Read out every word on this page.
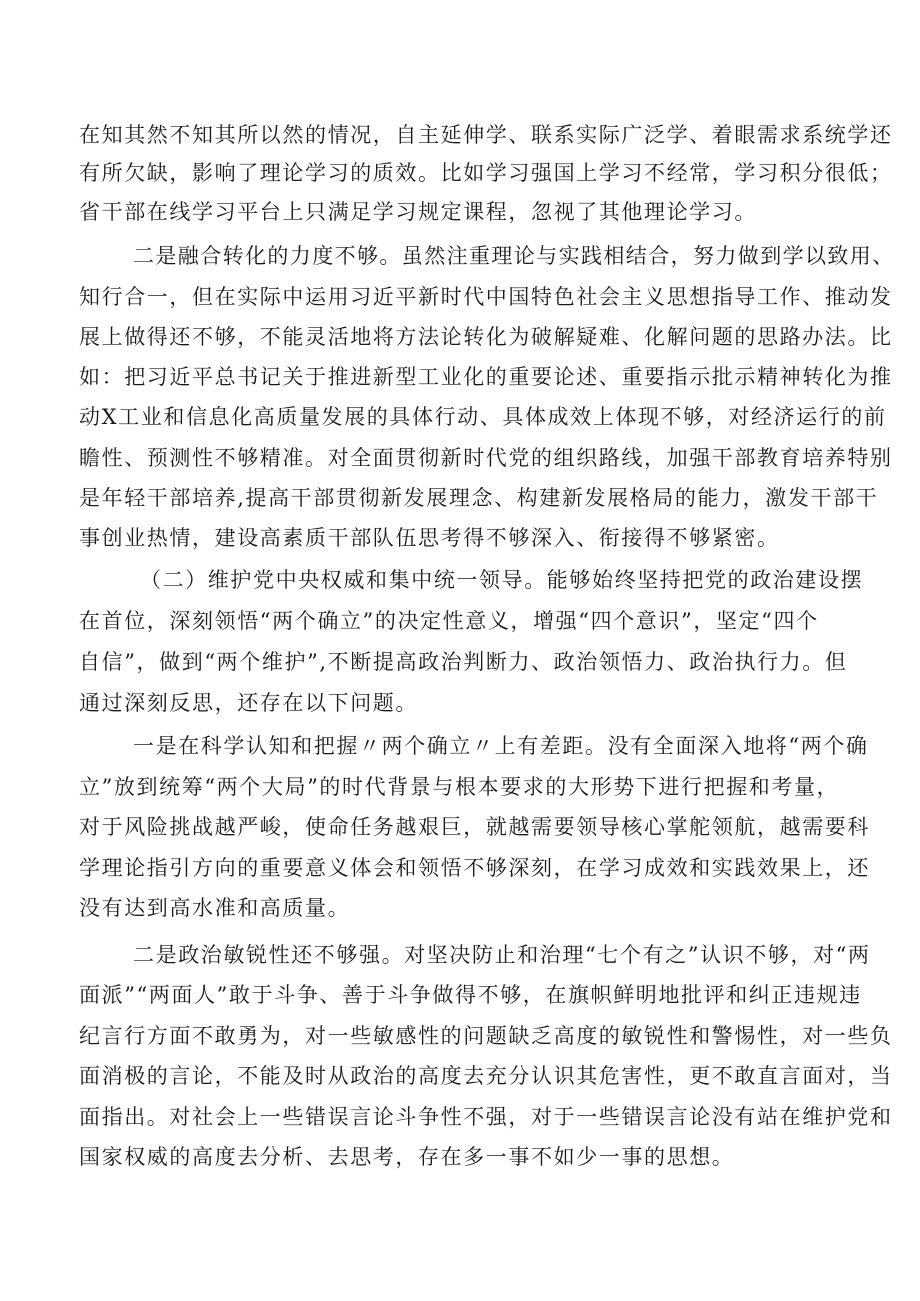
在知其然不知其所以然的情况，自主延伸学、联系实际广泛学、着眼需求系统学还
有所欠缺，影响了理论学习的质效。比如学习强国上学习不经常，学习积分很低；
省干部在线学习平台上只满足学习规定课程，忽视了其他理论学习。
二是融合转化的力度不够。虽然注重理论与实践相结合，努力做到学以致用、
知行合一，但在实际中运用习近平新时代中国特色社会主义思想指导工作、推动发
展上做得还不够，不能灵活地将方法论转化为破解疑难、化解问题的思路办法。比
如：把习近平总书记关于推进新型工业化的重要论述、重要指示批示精神转化为推
动X工业和信息化高质量发展的具体行动、具体成效上体现不够，对经济运行的前
瞻性、预测性不够精准。对全面贯彻新时代党的组织路线，加强干部教育培养特别
是年轻干部培养,提高干部贯彻新发展理念、构建新发展格局的能力，激发干部干
事创业热情，建设高素质干部队伍思考得不够深入、衔接得不够紧密。
（二）维护党中央权威和集中统一领导。能够始终坚持把党的政治建设摆
在首位，深刻领悟“两个确立”的决定性意义，增强“四个意识”，坚定“四个
自信”，做到“两个维护”,不断提高政治判断力、政治领悟力、政治执行力。但
通过深刻反思，还存在以下问题。
一是在科学认知和把握〃两个确立〃上有差距。没有全面深入地将“两个确
立”放到统筹“两个大局”的时代背景与根本要求的大形势下进行把握和考量，
对于风险挑战越严峻，使命任务越艰巨，就越需要领导核心掌舵领航，越需要科
学理论指引方向的重要意义体会和领悟不够深刻，在学习成效和实践效果上，还
没有达到高水准和高质量。
二是政治敏锐性还不够强。对坚决防止和治理“七个有之”认识不够，对“两
面派”“两面人”敢于斗争、善于斗争做得不够，在旗帜鲜明地批评和纠正违规违
纪言行方面不敢勇为，对一些敏感性的问题缺乏高度的敏锐性和警惕性，对一些负
面消极的言论，不能及时从政治的高度去充分认识其危害性，更不敢直言面对，当
面指出。对社会上一些错误言论斗争性不强，对于一些错误言论没有站在维护党和
国家权威的高度去分析、去思考，存在多一事不如少一事的思想。
